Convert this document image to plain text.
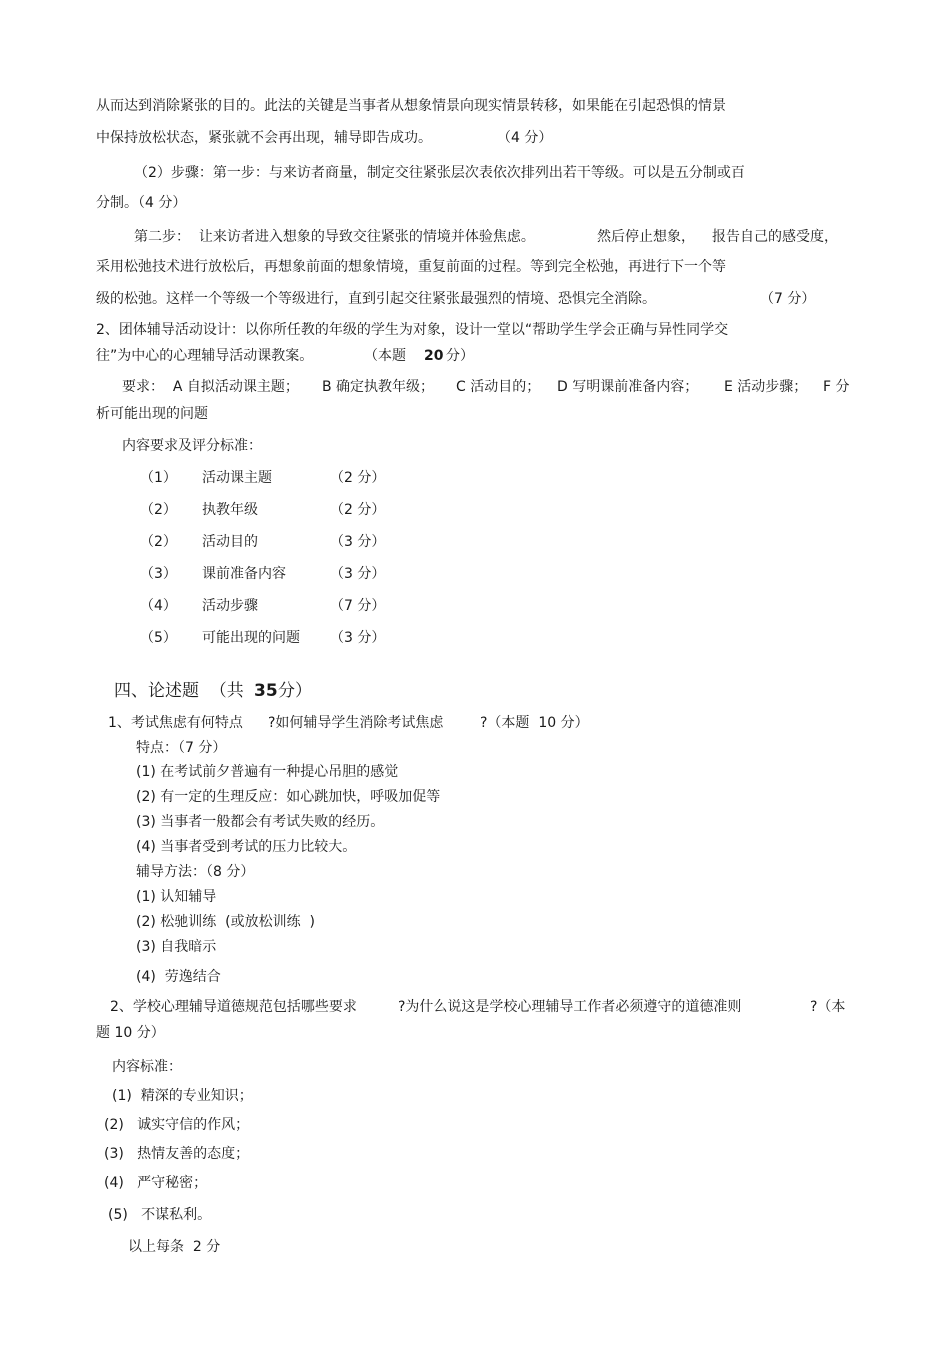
从而达到消除紧张的目的。此法的关键是当事者从想象情景向现实情景转移，如果能在引起恐惧的情景
中保持放松状态，紧张就不会再出现，辅导即告成功。	（4 分）
（2）步骤：第一步：与来访者商量，制定交往紧张层次表依次排列出若干等级。可以是五分制或百
分制。（4 分）
第二步：  让来访者进入想象的导致交往紧张的情境并体验焦虑。	然后停止想象， 报告自己的感受度，
采用松弛技术进行放松后，再想象前面的想象情境，重复前面的过程。等到完全松弛，再进行下一个等
级的松弛。这样一个等级一个等级进行，直到引起交往紧张最强烈的情境、恐惧完全消除。	（7 分）
2、团体辅导活动设计：以你所任教的年级的学生为对象，设计一堂以“帮助学生学会正确与异性同学交
往”为中心的心理辅导活动课教案。	（本题 20 分）
要求：  A 自拟活动课主题； B 确定执教年级； C 活动目的； D 写明课前准备内容； E 活动步骤； F 分
析可能出现的问题
内容要求及评分标准：
（1） 活动课主题	（2 分）
（2） 执教年级	（2 分）
（2） 活动目的	（3 分）
（3） 课前准备内容	（3 分）
（4） 活动步骤	（7 分）
（5） 可能出现的问题 （3 分）
四、论述题  （共 35 分）
1、考试焦虑有何特点 ?如何辅导学生消除考试焦虑	?（本题  10 分）
特点：（7 分）
(1) 在考试前夕普遍有一种提心吊胆的感觉
(2) 有一定的生理反应：如心跳加快，呼吸加促等
(3) 当事者一般都会有考试失败的经历。
(4) 当事者受到考试的压力比较大。
辅导方法：（8 分）
(1) 认知辅导
(2) 松驰训练  (或放松训练  )
(3) 自我暗示
(4)  劳逸结合
2、学校心理辅导道德规范包括哪些要求	?为什么说这是学校心理辅导工作者必须遵守的道德准则	?（本
题 10 分）
内容标准：
(1)  精深的专业知识；
(2)   诚实守信的作风；
(3)   热情友善的态度；
(4)   严守秘密；
(5)   不谋私利。
以上每条  2 分
